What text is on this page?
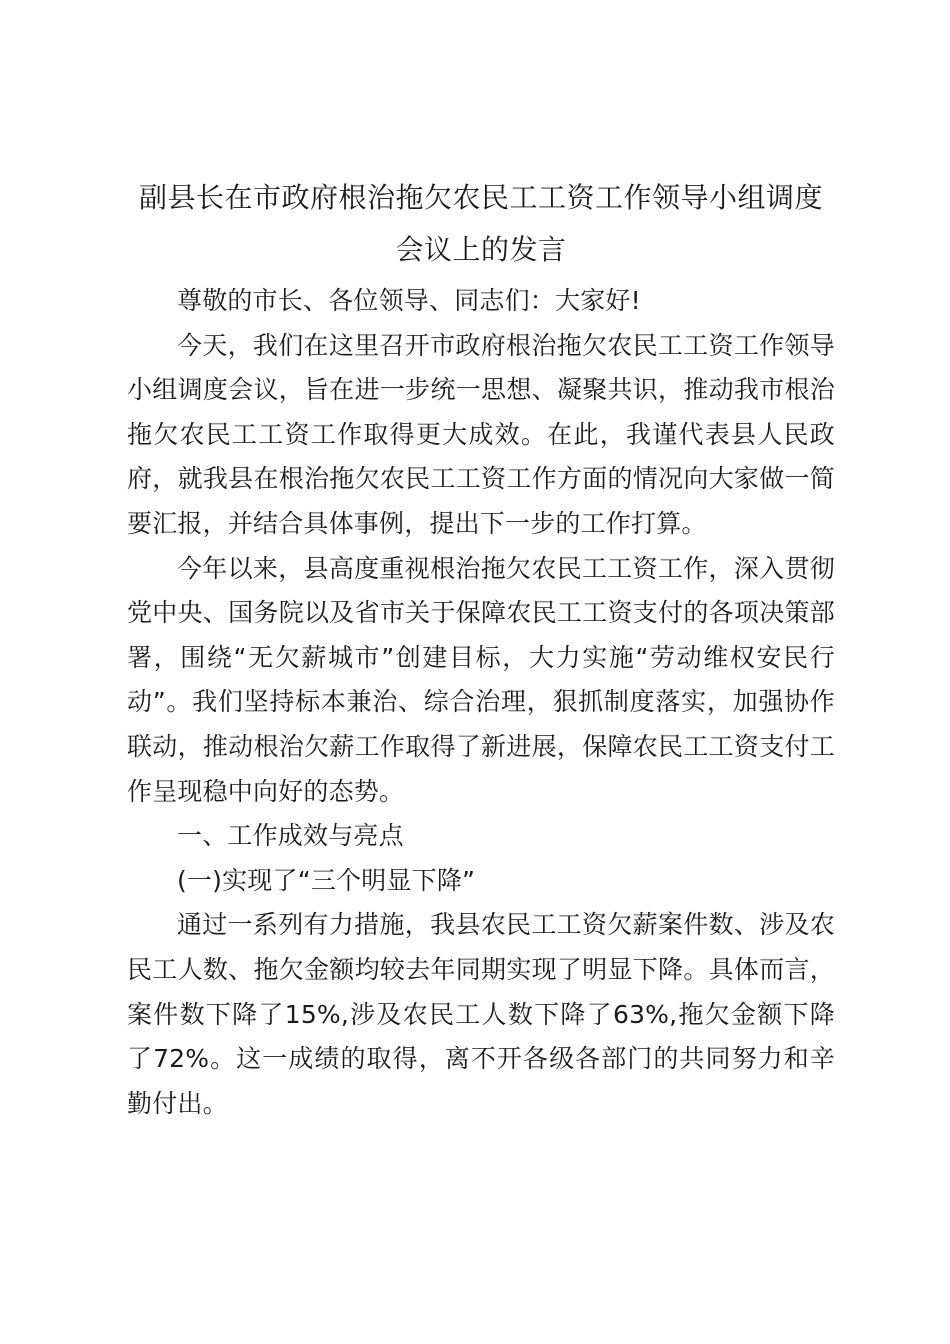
副县长在市政府根治拖欠农民工工资工作领导小组调度会议上的发言

尊敬的市长、各位领导、同志们：大家好!

今天，我们在这里召开市政府根治拖欠农民工工资工作领导小组调度会议，旨在进一步统一思想、凝聚共识，推动我市根治拖欠农民工工资工作取得更大成效。在此，我谨代表县人民政府，就我县在根治拖欠农民工工资工作方面的情况向大家做一简要汇报，并结合具体事例，提出下一步的工作打算。

今年以来，县高度重视根治拖欠农民工工资工作，深入贯彻党中央、国务院以及省市关于保障农民工工资支付的各项决策部署，围绕“无欠薪城市”创建目标，大力实施“劳动维权安民行动”。我们坚持标本兼治、综合治理，狠抓制度落实，加强协作联动，推动根治欠薪工作取得了新进展，保障农民工工资支付工作呈现稳中向好的态势。

一、工作成效与亮点

(一)实现了“三个明显下降”

通过一系列有力措施，我县农民工工资欠薪案件数、涉及农民工人数、拖欠金额均较去年同期实现了明显下降。具体而言，案件数下降了15%,涉及农民工人数下降了63%,拖欠金额下降了72%。这一成绩的取得，离不开各级各部门的共同努力和辛勤付出。
